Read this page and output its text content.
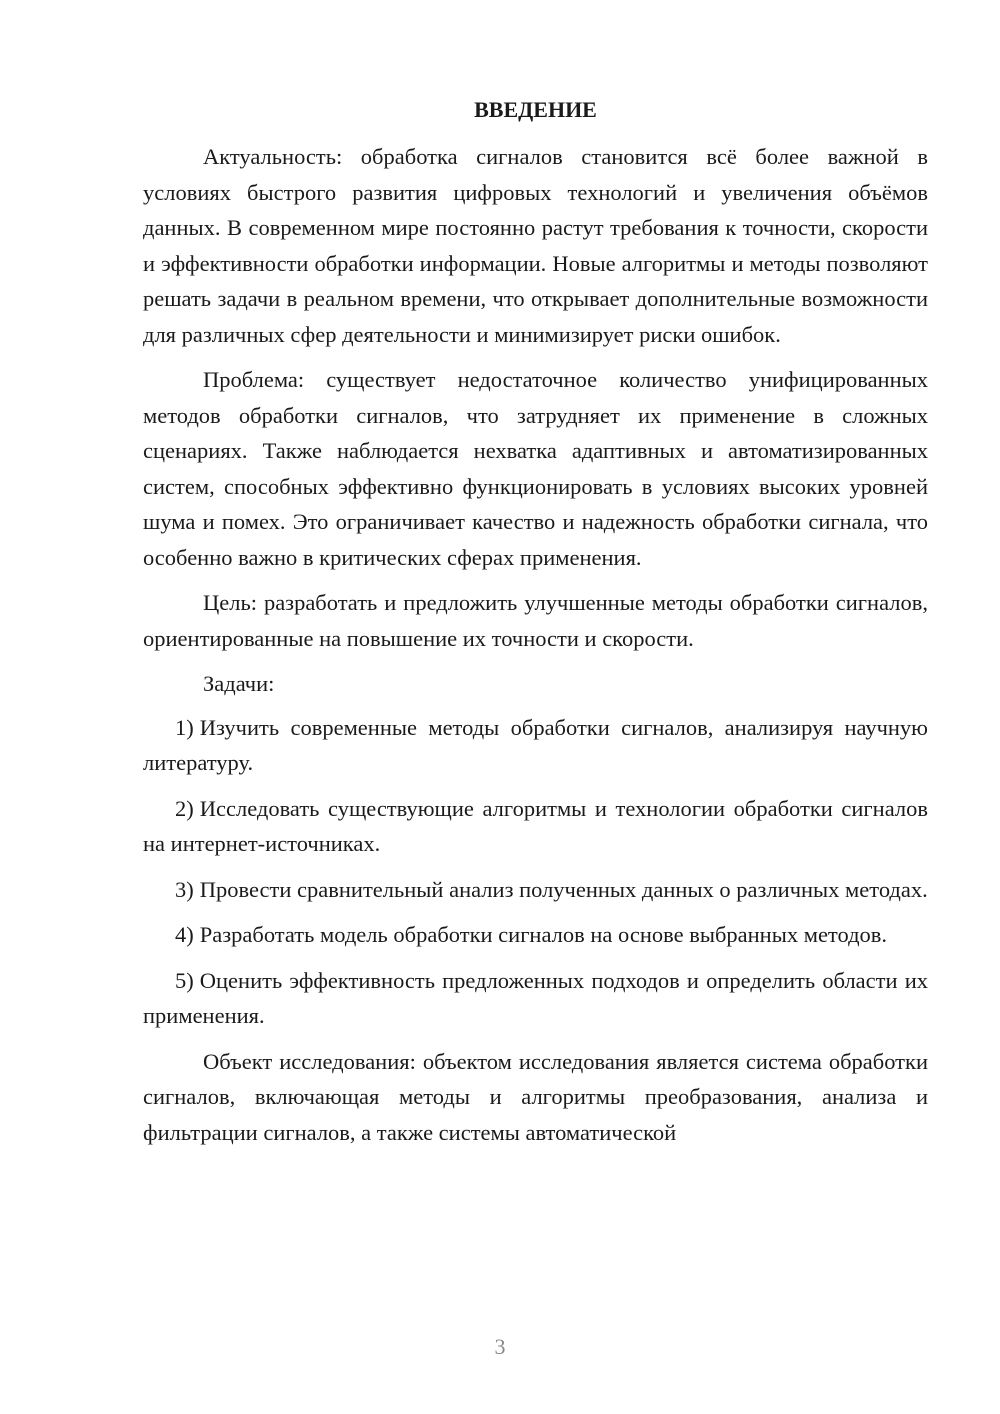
ВВЕДЕНИЕ

Актуальность: обработка сигналов становится всё более важной в условиях быстрого развития цифровых технологий и увеличения объёмов данных. В современном мире постоянно растут требования к точности, скорости и эффективности обработки информации. Новые алгоритмы и методы позволяют решать задачи в реальном времени, что открывает дополнительные возможности для различных сфер деятельности и минимизирует риски ошибок.

Проблема: существует недостаточное количество унифицированных методов обработки сигналов, что затрудняет их применение в сложных сценариях. Также наблюдается нехватка адаптивных и автоматизированных систем, способных эффективно функционировать в условиях высоких уровней шума и помех. Это ограничивает качество и надежность обработки сигнала, что особенно важно в критических сферах применения.

Цель: разработать и предложить улучшенные методы обработки сигналов, ориентированные на повышение их точности и скорости.

Задачи:

1) Изучить современные методы обработки сигналов, анализируя научную литературу.

2) Исследовать существующие алгоритмы и технологии обработки сигналов на интернет-источниках.

3) Провести сравнительный анализ полученных данных о различных методах.

4) Разработать модель обработки сигналов на основе выбранных методов.

5) Оценить эффективность предложенных подходов и определить области их применения.

Объект исследования: объектом исследования является система обработки сигналов, включающая методы и алгоритмы преобразования, анализа и фильтрации сигналов, а также системы автоматической

3
